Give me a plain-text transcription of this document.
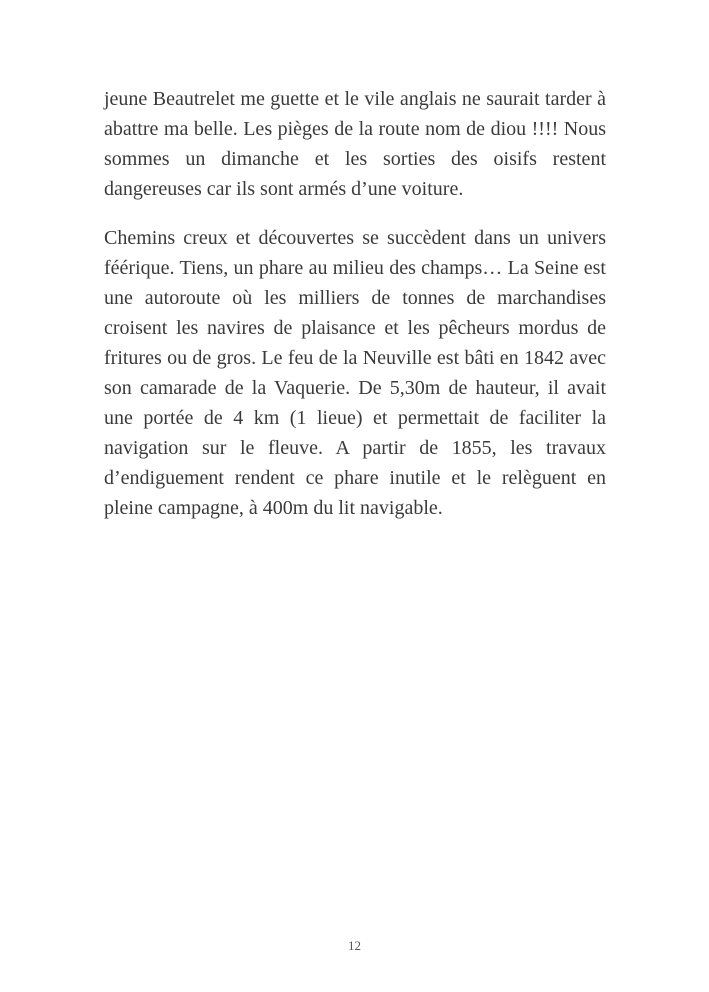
jeune Beautrelet me guette et le vile anglais ne saurait tarder à abattre ma belle. Les pièges de la route nom de diou !!!! Nous sommes un dimanche et les sorties des oisifs restent dangereuses car ils sont armés d’une voiture.

Chemins creux et découvertes se succèdent dans un univers féérique. Tiens, un phare au milieu des champs… La Seine est une autoroute où les milliers de tonnes de marchandises croisent les navires de plaisance et les pêcheurs mordus de fritures ou de gros. Le feu de la Neuville est bâti en 1842 avec son camarade de la Vaquerie. De 5,30m de hauteur, il avait une portée de 4 km (1 lieue) et permettait de faciliter la navigation sur le fleuve. A partir de 1855, les travaux d’endiguement rendent ce phare inutile et le relèguent en pleine campagne, à 400m du lit navigable.

12
